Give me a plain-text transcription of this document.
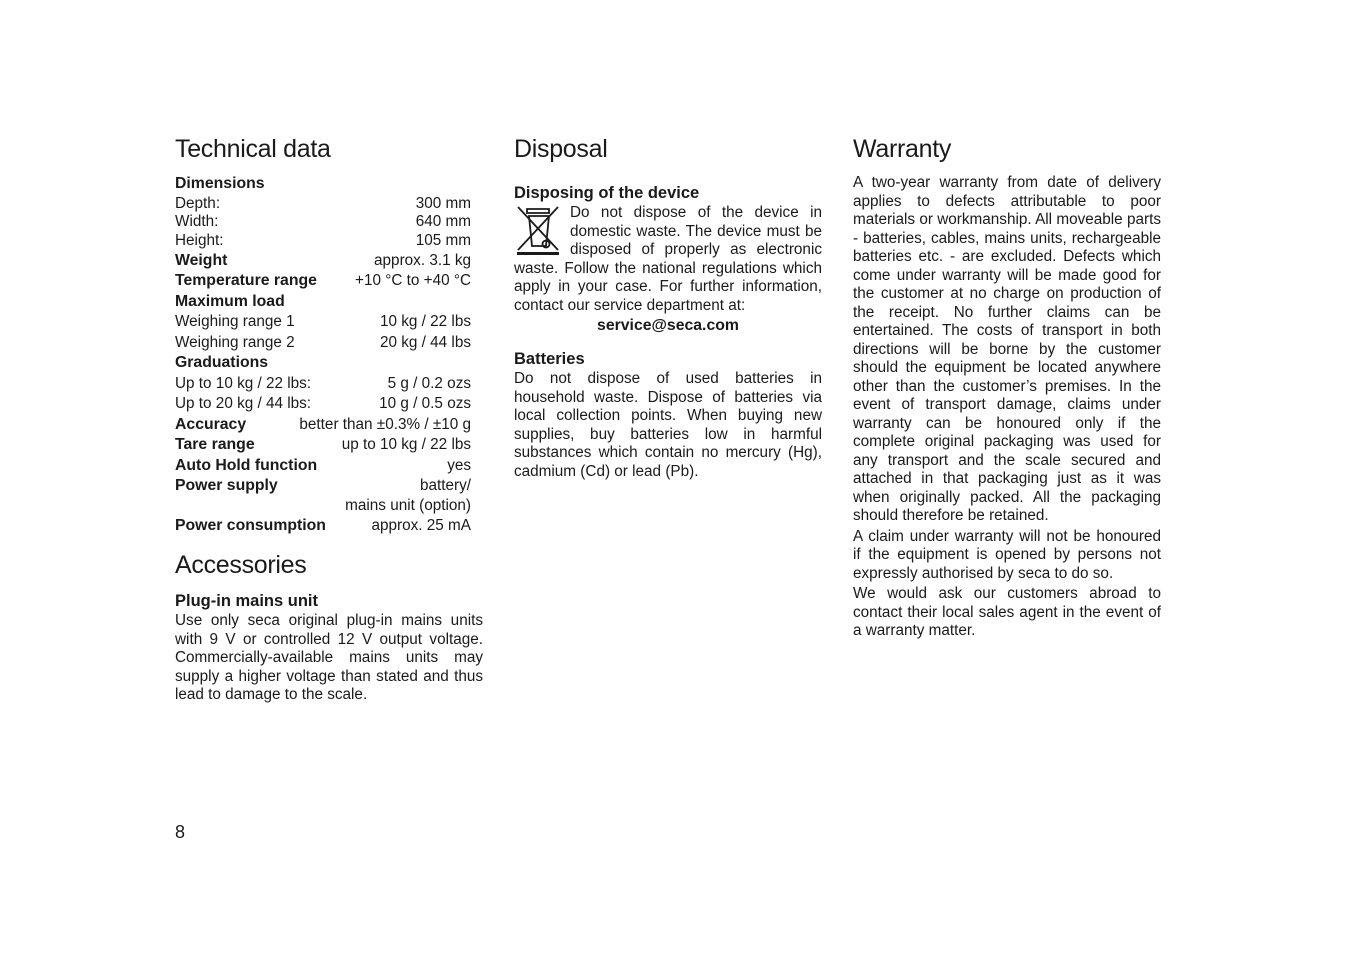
Technical data
Dimensions
Depth:	300 mm
Width:	640 mm
Height:	105 mm
Weight	approx. 3.1 kg
Temperature range +10 °C to +40 °C
Maximum load
Weighing range 1	10 kg / 22 lbs
Weighing range 2	20 kg / 44 lbs
Graduations
Up to 10 kg / 22 lbs:	5 g / 0.2 ozs
Up to 20 kg / 44 lbs:	10 g / 0.5 ozs
Accuracy	better than ±0.3% / ±10 g
Tare range	up to 10 kg / 22 lbs
Auto Hold function	yes
Power supply	battery/
mains unit (option)
Power consumption	approx. 25 mA
Accessories
Plug-in mains unit

Use only seca original plug-in mains units with 9 V or controlled 12 V output voltage. Commercially-available mains units may supply a higher voltage than stated and thus lead to damage to the scale.

Disposal
Disposing of the device

Do not dispose of the device in domestic waste. The device must be disposed of properly as electronic waste. Follow the national regulations which apply in your case. For further information, contact our service department at:

service@seca.com
Batteries

Do not dispose of used batteries in household waste. Dispose of batteries via local collection points. When buying new supplies, buy batteries low in harmful substances which contain no mercury (Hg), cadmium (Cd) or lead (Pb).

Warranty

A two-year warranty from date of delivery applies to defects attributable to poor materials or workmanship. All moveable parts - batteries, cables, mains units, rechargeable batteries etc. - are excluded. Defects which come under warranty will be made good for the customer at no charge on production of the receipt. No further claims can be entertained. The costs of transport in both directions will be borne by the customer should the equipment be located anywhere other than the customer’s premises. In the event of transport damage, claims under warranty can be honoured only if the complete original packaging was used for any transport and the scale secured and attached in that packaging just as it was when originally packed. All the packaging should therefore be retained.

A claim under warranty will not be honoured if the equipment is opened by persons not expressly authorised by seca to do so.

We would ask our customers abroad to contact their local sales agent in the event of a warranty matter.

8
